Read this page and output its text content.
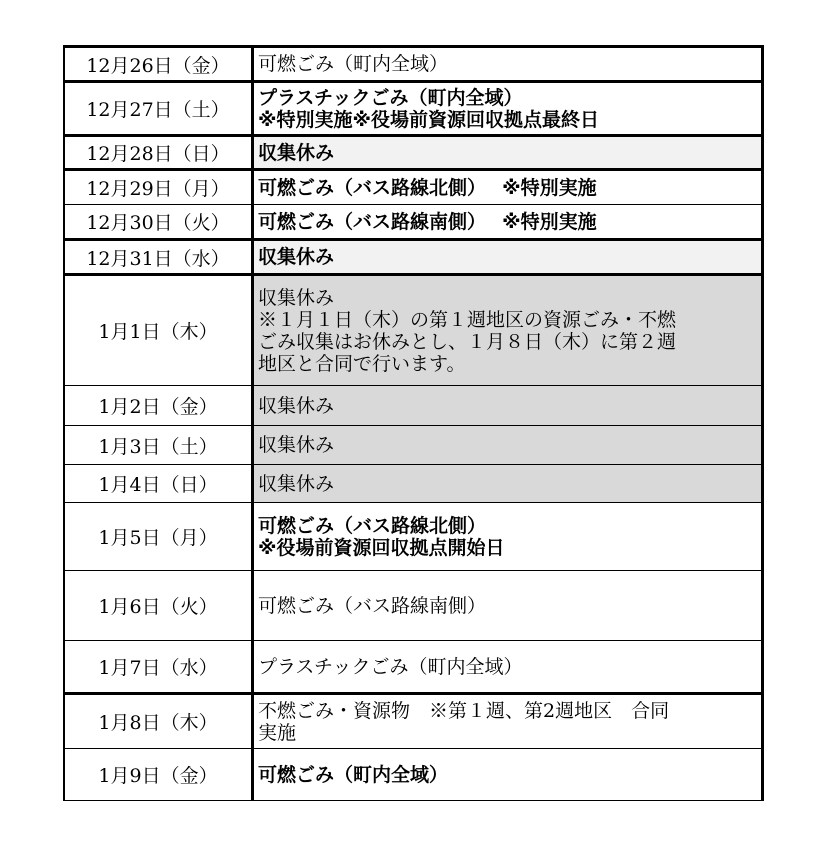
12月26日（金）	可燃ごみ（町内全域）

12月27日（土）	プラスチックごみ（町内全域）
※特別実施※役場前資源回収拠点最終日

12月28日（日）	収集休み

12月29日（月）	可燃ごみ（バス路線北側）　 ※特別実施

12月30日（火）	可燃ごみ（バス路線南側）　 ※特別実施

12月31日（水）	収集休み

1月1日（木）	収集休み
※１月１日（木）の第１週地区の資源ごみ・不燃
ごみ収集はお休みとし、１月８日（木）に第２週
地区と合同で行います。

1月2日（金）	収集休み

1月3日（土）	収集休み

1月4日（日）	収集休み

1月5日（月）	可燃ごみ（バス路線北側）
※役場前資源回収拠点開始日

1月6日（火）	可燃ごみ（バス路線南側）

1月7日（水）	プラスチックごみ（町内全域）

1月8日（木）	不燃ごみ・資源物　※第１週、第2週地区　合同
実施

1月9日（金）	可燃ごみ（町内全域）
